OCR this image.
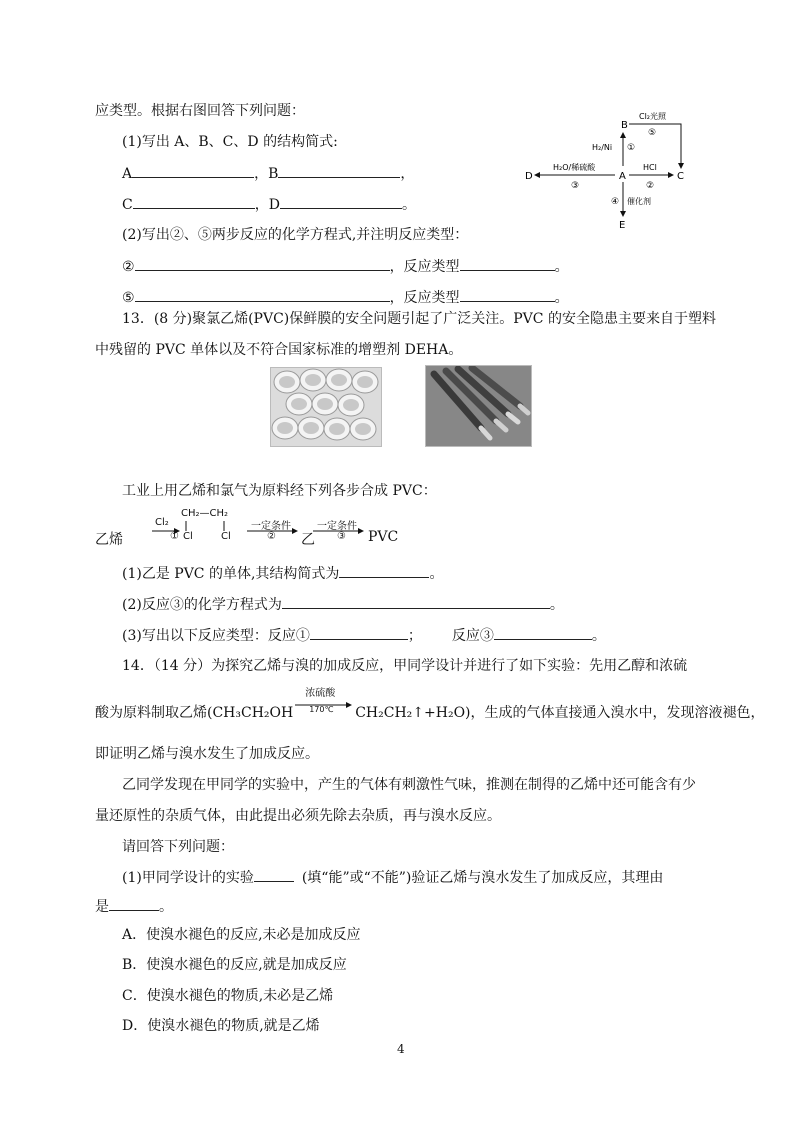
应类型。根据右图回答下列问题：
(1)写出 A、B、C、D 的结构简式:
A	，B	，
C	，D	。
(2)写出②、⑤两步反应的化学方程式,并注明反应类型：
②	，反应类型	。
⑤	，反应类型	。
B
A	C
D
E
H₂/Ni ①
Cl₂光照
⑤
HCl
②
H₂O/稀硫酸
③
④ 催化剂
13．(8 分)聚氯乙烯(PVC)保鲜膜的安全问题引起了广泛关注。PVC 的安全隐患主要来自于塑料
中残留的 PVC 单体以及不符合国家标准的增塑剂 DEHA。
工业上用乙烯和氯气为原料经下列各步合成 PVC：
乙烯
Cl₂
①
CH₂—CH₂
Cl	Cl
一定条件
② 乙
一定条件
③ PVC
(1)乙是 PVC 的单体,其结构简式为	。
(2)反应③的化学方程式为	。
(3)写出以下反应类型：反应①	； 反应③	。
14．（14 分）为探究乙烯与溴的加成反应，甲同学设计并进行了如下实验：先用乙醇和浓硫
酸为原料制取乙烯(CH₃CH₂OH
浓硫酸
170℃ CH₂CH₂↑+H₂O)，生成的气体直接通入溴水中，发现溶液褪色，
即证明乙烯与溴水发生了加成反应。
乙同学发现在甲同学的实验中，产生的气体有刺激性气味，推测在制得的乙烯中还可能含有少
量还原性的杂质气体，由此提出必须先除去杂质，再与溴水反应。
请回答下列问题：
(1)甲同学设计的实验	(填“能”或“不能”)验证乙烯与溴水发生了加成反应，其理由
是	。
A．使溴水褪色的反应,未必是加成反应
B．使溴水褪色的反应,就是加成反应
C．使溴水褪色的物质,未必是乙烯
D．使溴水褪色的物质,就是乙烯
4
